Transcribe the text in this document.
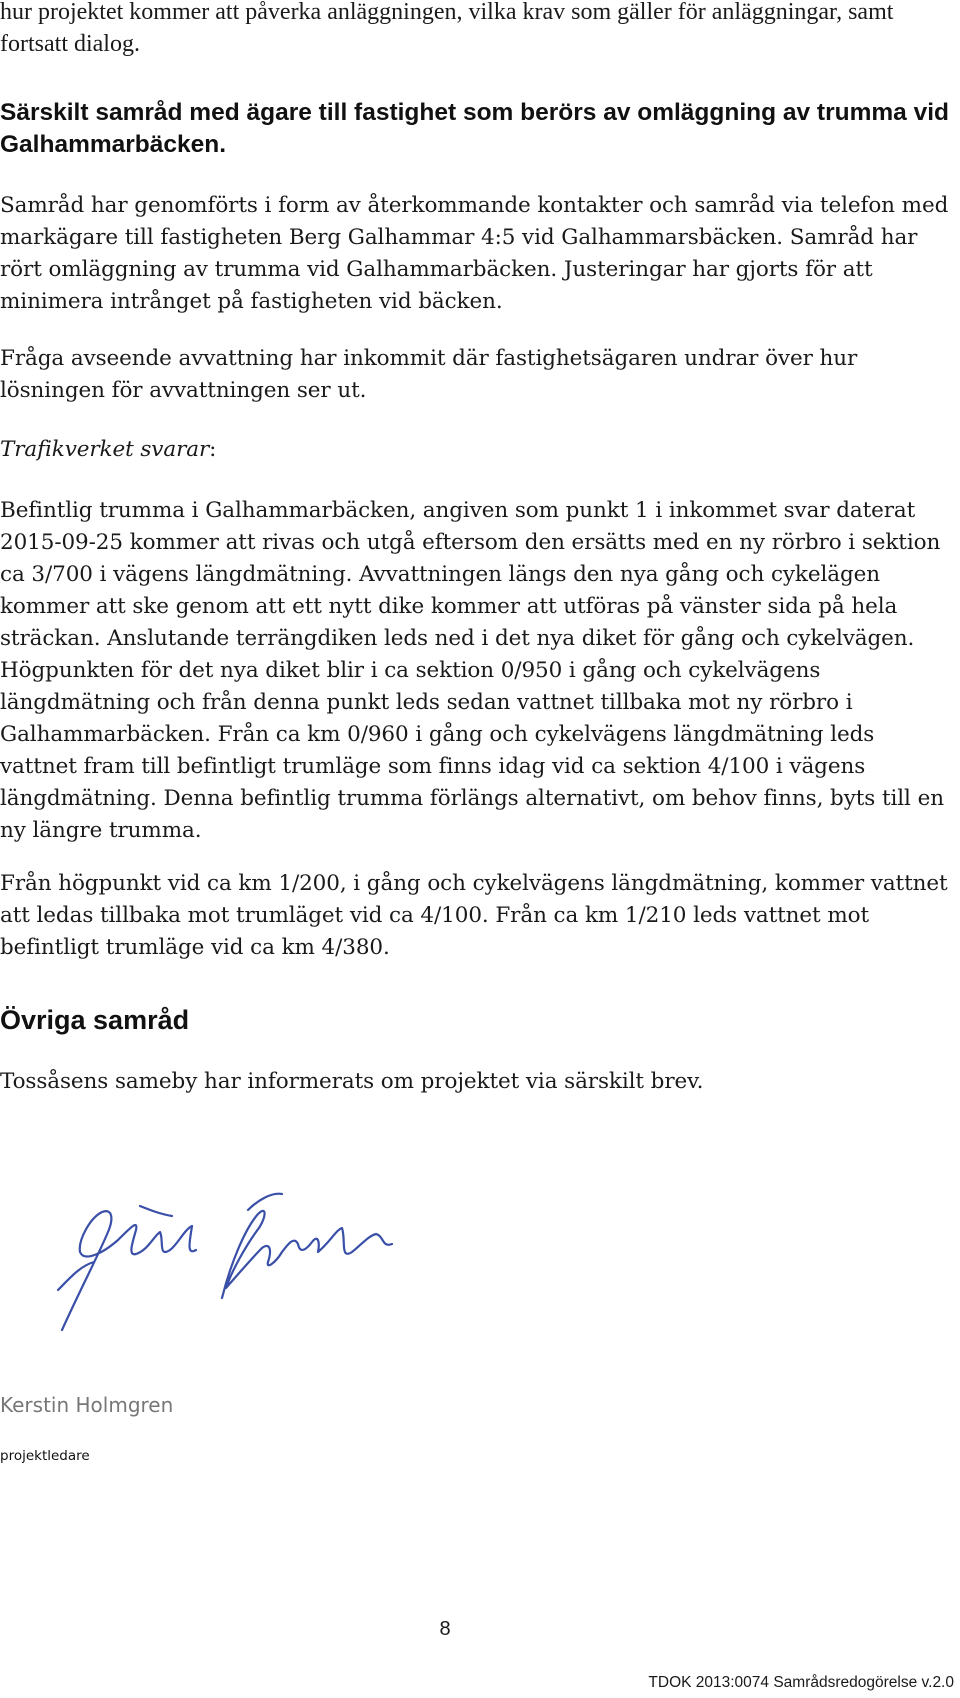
hur projektet kommer att påverka anläggningen, vilka krav som gäller för anläggningar, samt fortsatt dialog.

Särskilt samråd med ägare till fastighet som berörs av omläggning av trumma vid Galhammarbäcken.

Samråd har genomförts i form av återkommande kontakter och samråd via telefon med markägare till fastigheten Berg Galhammar 4:5 vid Galhammarsbäcken. Samråd har rört omläggning av trumma vid Galhammarbäcken. Justeringar har gjorts för att minimera intrånget på fastigheten vid bäcken.

Fråga avseende avvattning har inkommit där fastighetsägaren undrar över hur lösningen för avvattningen ser ut.

Trafikverket svarar:

Befintlig trumma i Galhammarbäcken, angiven som punkt 1 i inkommet svar daterat 2015-09-25 kommer att rivas och utgå eftersom den ersätts med en ny rörbro i sektion ca 3/700 i vägens längdmätning. Avvattningen längs den nya gång och cykelägen kommer att ske genom att ett nytt dike kommer att utföras på vänster sida på hela sträckan. Anslutande terrängdiken leds ned i det nya diket för gång och cykelvägen. Högpunkten för det nya diket blir i ca sektion 0/950 i gång och cykelvägens längdmätning och från denna punkt leds sedan vattnet tillbaka mot ny rörbro i Galhammarbäcken. Från ca km 0/960 i gång och cykelvägens längdmätning leds vattnet fram till befintligt trumläge som finns idag vid ca sektion 4/100 i vägens längdmätning. Denna befintlig trumma förlängs alternativt, om behov finns, byts till en ny längre trumma.

Från högpunkt vid ca km 1/200, i gång och cykelvägens längdmätning, kommer vattnet att ledas tillbaka mot trumläget vid ca 4/100. Från ca km 1/210 leds vattnet mot befintligt trumläge vid ca km 4/380.

Övriga samråd

Tossåsens sameby har informerats om projektet via särskilt brev.

Kerstin Holmgren
projektledare
8
TDOK 2013:0074 Samrådsredogörelse v.2.0
